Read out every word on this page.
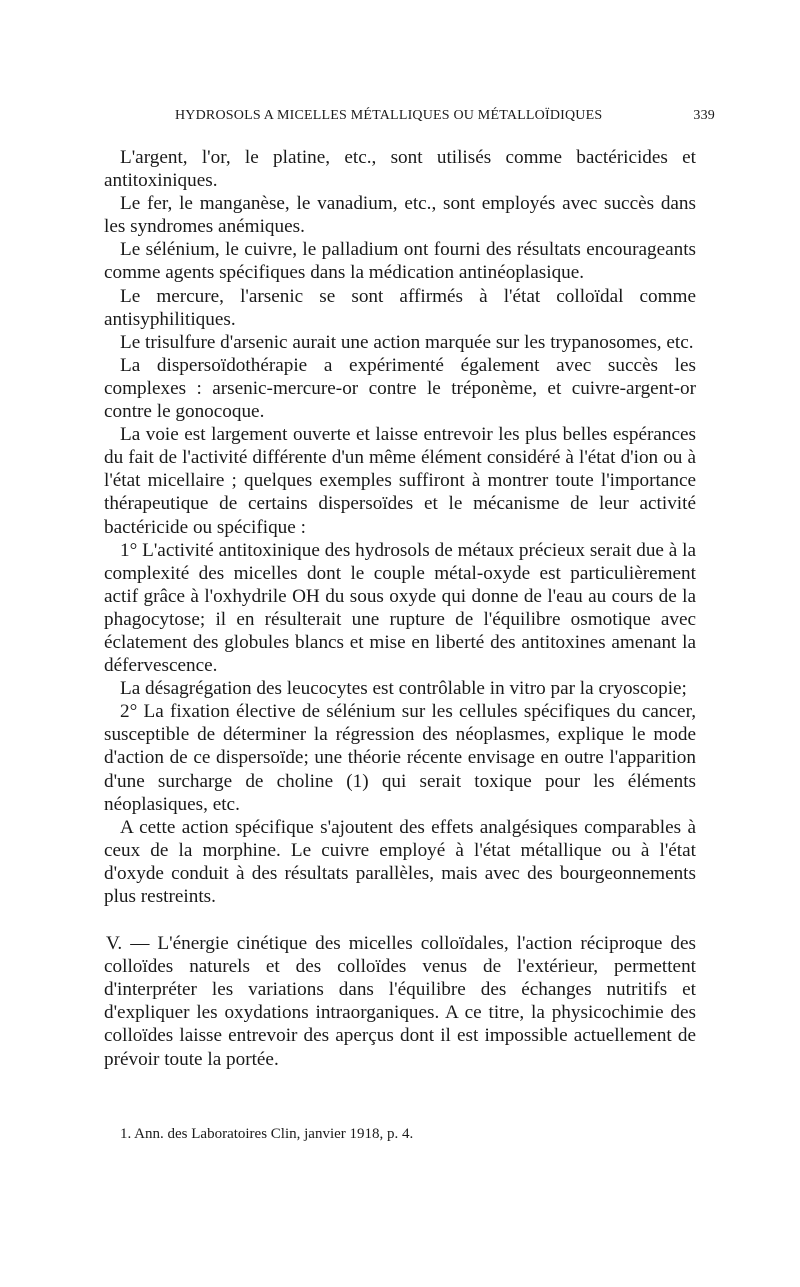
HYDROSOLS A MICELLES MÉTALLIQUES OU MÉTALLOÏDIQUES	339

L'argent, l'or, le platine, etc., sont utilisés comme bactéricides et antitoxiniques.

Le fer, le manganèse, le vanadium, etc., sont employés avec succès dans les syndromes anémiques.

Le sélénium, le cuivre, le palladium ont fourni des résultats encourageants comme agents spécifiques dans la médication antinéoplasique.

Le mercure, l'arsenic se sont affirmés à l'état colloïdal comme antisyphilitiques.

Le trisulfure d'arsenic aurait une action marquée sur les trypanosomes, etc.

La dispersoïdothérapie a expérimenté également avec succès les complexes : arsenic-mercure-or contre le tréponème, et cuivre-argent-or contre le gonocoque.

La voie est largement ouverte et laisse entrevoir les plus belles espérances du fait de l'activité différente d'un même élément considéré à l'état d'ion ou à l'état micellaire ; quelques exemples suffiront à montrer toute l'importance thérapeutique de certains dispersoïdes et le mécanisme de leur activité bactéricide ou spécifique :

1° L'activité antitoxinique des hydrosols de métaux précieux serait due à la complexité des micelles dont le couple métal-oxyde est particulièrement actif grâce à l'oxhydrile OH du sous oxyde qui donne de l'eau au cours de la phagocytose; il en résulterait une rupture de l'équilibre osmotique avec éclatement des globules blancs et mise en liberté des antitoxines amenant la défervescence.

La désagrégation des leucocytes est contrôlable in vitro par la cryoscopie;

2° La fixation élective de sélénium sur les cellules spécifiques du cancer, susceptible de déterminer la régression des néoplasmes, explique le mode d'action de ce dispersoïde; une théorie récente envisage en outre l'apparition d'une surcharge de choline (1) qui serait toxique pour les éléments néoplasiques, etc.

A cette action spécifique s'ajoutent des effets analgésiques comparables à ceux de la morphine. Le cuivre employé à l'état métallique ou à l'état d'oxyde conduit à des résultats parallèles, mais avec des bourgeonnements plus restreints.

V. — L'énergie cinétique des micelles colloïdales, l'action réciproque des colloïdes naturels et des colloïdes venus de l'extérieur, permettent d'interpréter les variations dans l'équilibre des échanges nutritifs et d'expliquer les oxydations intraorganiques. A ce titre, la physicochimie des colloïdes laisse entrevoir des aperçus dont il est impossible actuellement de prévoir toute la portée.

1. Ann. des Laboratoires Clin, janvier 1918, p. 4.
